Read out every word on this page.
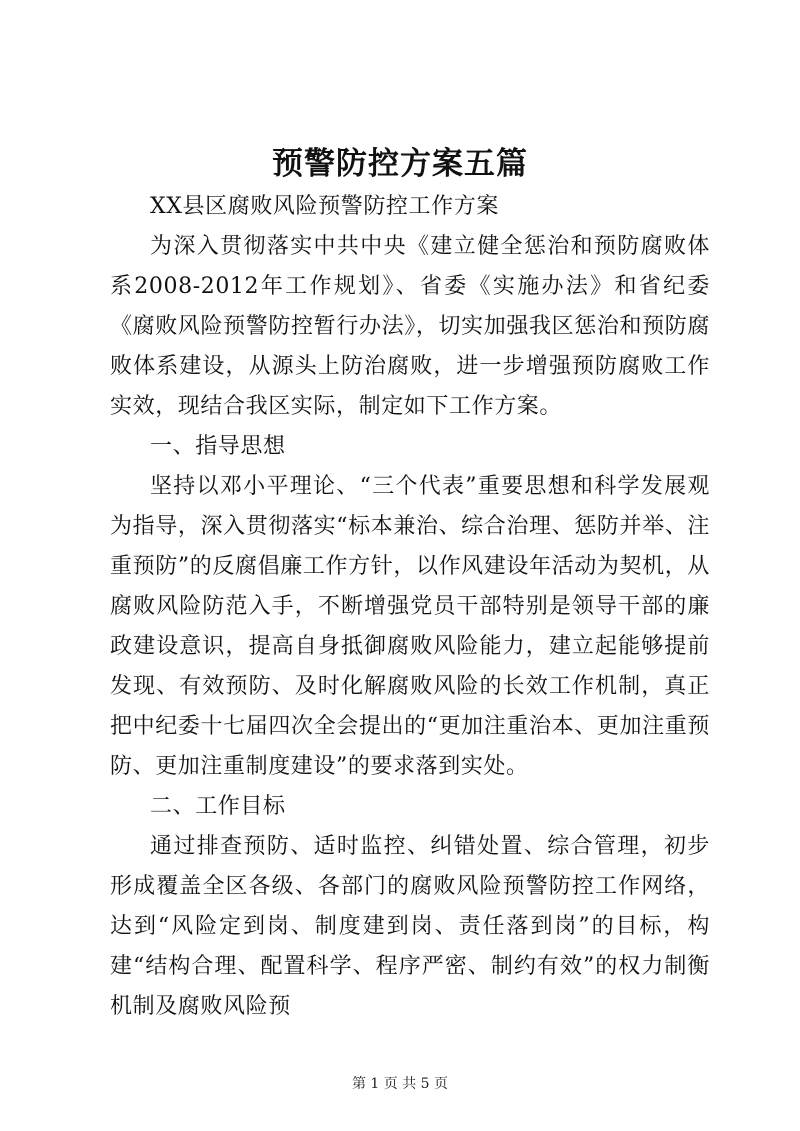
预警防控方案五篇

XX县区腐败风险预警防控工作方案

为深入贯彻落实中共中央《建立健全惩治和预防腐败体系2008-2012年工作规划》、省委《实施办法》和省纪委《腐败风险预警防控暂行办法》，切实加强我区惩治和预防腐败体系建设，从源头上防治腐败，进一步增强预防腐败工作实效，现结合我区实际，制定如下工作方案。

一、指导思想

坚持以邓小平理论、“三个代表”重要思想和科学发展观为指导，深入贯彻落实“标本兼治、综合治理、惩防并举、注重预防”的反腐倡廉工作方针，以作风建设年活动为契机，从腐败风险防范入手，不断增强党员干部特别是领导干部的廉政建设意识，提高自身抵御腐败风险能力，建立起能够提前发现、有效预防、及时化解腐败风险的长效工作机制，真正把中纪委十七届四次全会提出的“更加注重治本、更加注重预防、更加注重制度建设”的要求落到实处。

二、工作目标

通过排查预防、适时监控、纠错处置、综合管理，初步形成覆盖全区各级、各部门的腐败风险预警防控工作网络，达到“风险定到岗、制度建到岗、责任落到岗”的目标，构建“结构合理、配置科学、程序严密、制约有效”的权力制衡机制及腐败风险预

第 1 页 共 5 页
